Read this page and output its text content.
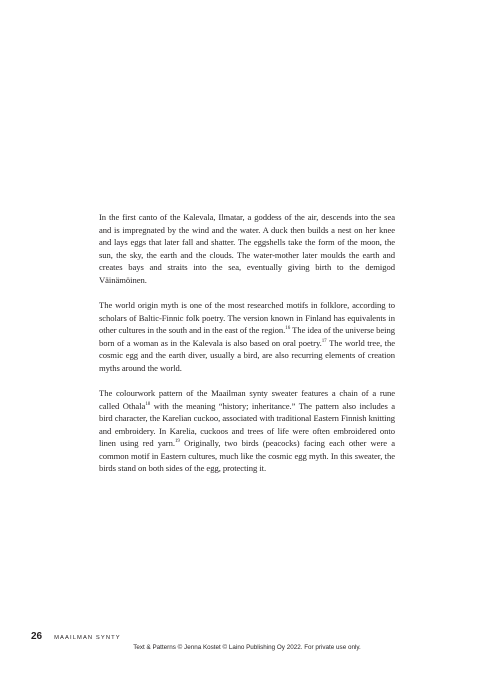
In the first canto of the Kalevala, Ilmatar, a goddess of the air, descends into the sea and is impregnated by the wind and the water. A duck then builds a nest on her knee and lays eggs that later fall and shatter. The eggshells take the form of the moon, the sun, the sky, the earth and the clouds. The water-mother later moulds the earth and creates bays and straits into the sea, eventually giving birth to the demigod Väinämöinen.

The world origin myth is one of the most researched motifs in folklore, according to scholars of Baltic-Finnic folk poetry. The version known in Finland has equivalents in other cultures in the south and in the east of the region.$^{16}$ The idea of the universe being born of a woman as in the Kalevala is also based on oral poetry.$^{17}$ The world tree, the cosmic egg and the earth diver, usually a bird, are also recurring elements of creation myths around the world.

The colourwork pattern of the Maailman synty sweater features a chain of a rune called Othala$^{18}$ with the meaning “history; inheritance.” The pattern also includes a bird character, the Karelian cuckoo, associated with traditional Eastern Finnish knitting and embroidery. In Karelia, cuckoos and trees of life were often embroidered onto linen using red yarn.$^{19}$ Originally, two birds (peacocks) facing each other were a common motif in Eastern cultures, much like the cosmic egg myth. In this sweater, the birds stand on both sides of the egg, protecting it.

26 MAAILMAN SYNTY
Text & Patterns © Jenna Kostet © Laino Publishing Oy 2022. For private use only.
